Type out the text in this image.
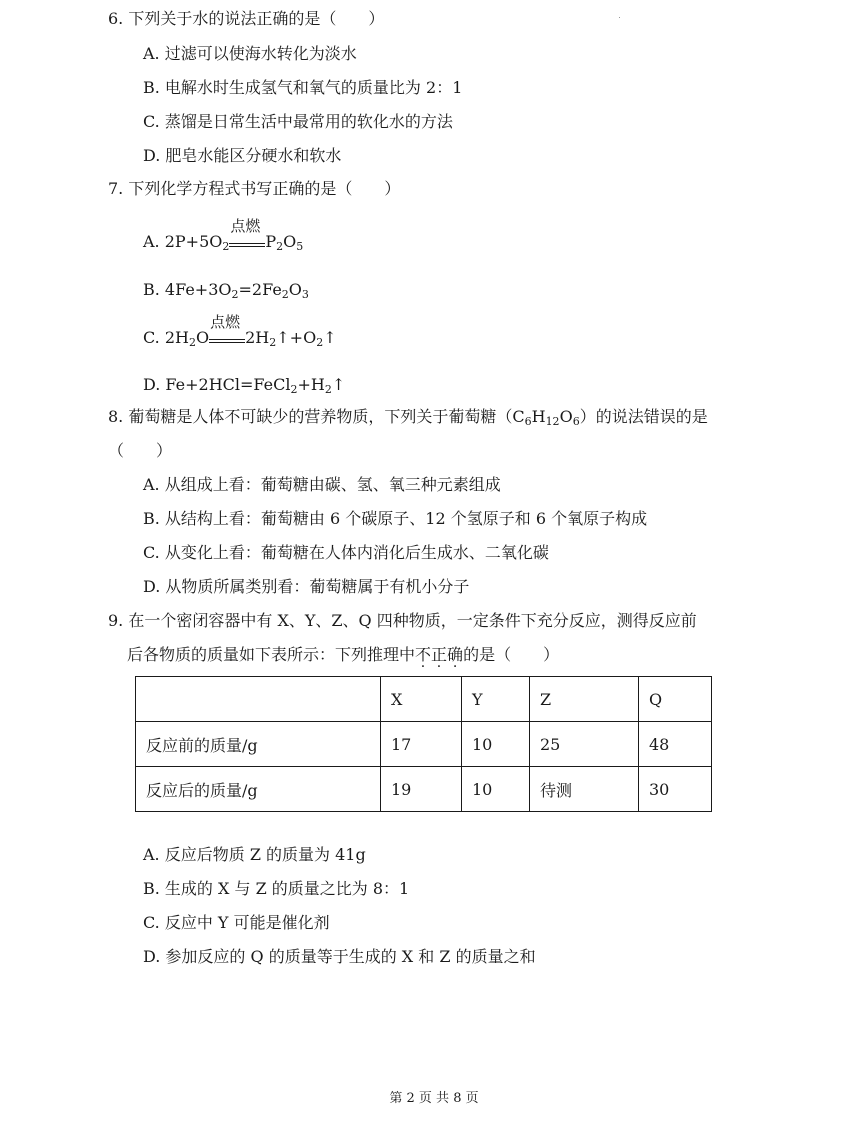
6. 下列关于水的说法正确的是（　　）
A. 过滤可以使海水转化为淡水
B. 电解水时生成氢气和氧气的质量比为 2：1
C. 蒸馏是日常生活中最常用的软化水的方法
D. 肥皂水能区分硬水和软水
7. 下列化学方程式书写正确的是（　　）
A. $2P+5O_2$
点燃
$P_2O_5$
B. $4Fe+3O_2=2Fe_2O_3$
C. $2H_2O$
点燃
$2H_2↑+O_2↑$
D. $Fe+2HCl=FeCl_2+H_2↑$
8. 葡萄糖是人体不可缺少的营养物质，下列关于葡萄糖$(C_6H_{12}O_6)$的说法错误的是
（　　）
A. 从组成上看：葡萄糖由碳、氢、氧三种元素组成
B. 从结构上看：葡萄糖由 6 个碳原子、12 个氢原子和 6 个氧原子构成
C. 从变化上看：葡萄糖在人体内消化后生成水、二氧化碳
D. 从物质所属类别看：葡萄糖属于有机小分子
9. 在一个密闭容器中有 X、Y、Z、Q 四种物质，一定条件下充分反应，测得反应前
后各物质的质量如下表所示：下列推理中不正确的是（　　）
	X	Y	Z	Q
反应前的质量/g	17	10	25	48
反应后的质量/g	19	10	待测	30
A. 反应后物质 Z 的质量为 41g
B. 生成的 X 与 Z 的质量之比为 8：1
C. 反应中 Y 可能是催化剂
D. 参加反应的 Q 的质量等于生成的 X 和 Z 的质量之和
第 2 页 共 8 页
